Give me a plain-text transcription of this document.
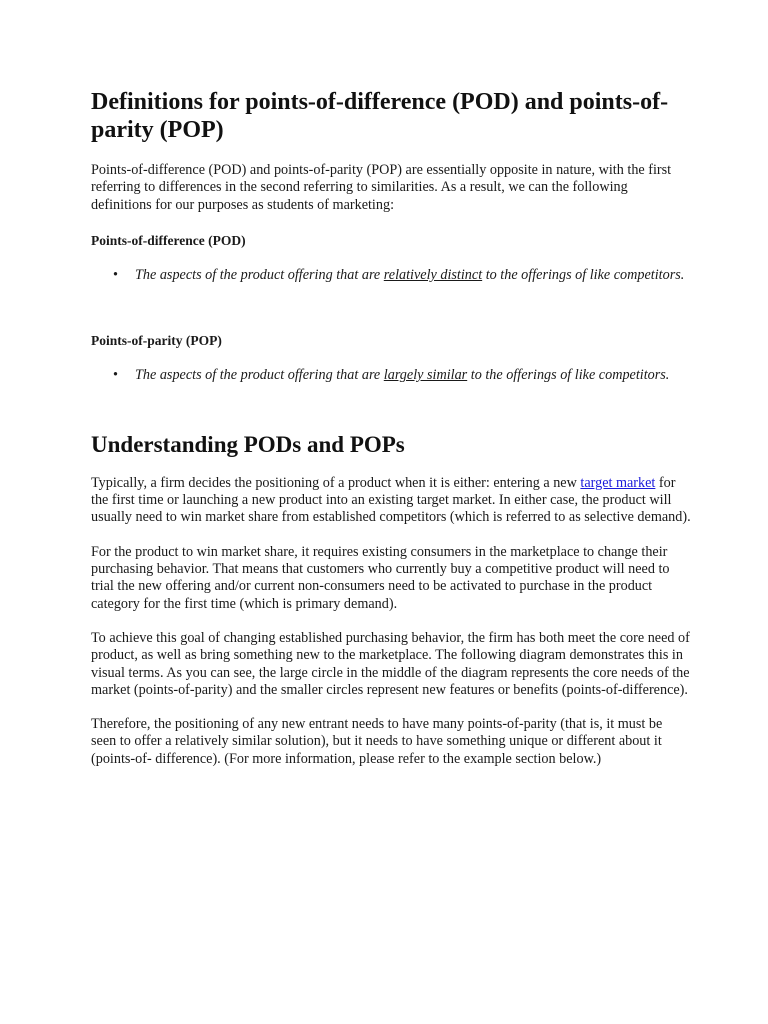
Definitions for points-of-difference (POD) and points-of-parity (POP)

Points-of-difference (POD) and points-of-parity (POP) are essentially opposite in nature, with the first referring to differences in the second referring to similarities. As a result, we can the following definitions for our purposes as students of marketing:

Points-of-difference (POD)

•	The aspects of the product offering that are relatively distinct to the offerings of like competitors.

Points-of-parity (POP)

•	The aspects of the product offering that are largely similar to the offerings of like competitors.
Understanding PODs and POPs

Typically, a firm decides the positioning of a product when it is either: entering a new target market for the first time or launching a new product into an existing target market. In either case, the product will usually need to win market share from established competitors (which is referred to as selective demand).

For the product to win market share, it requires existing consumers in the marketplace to change their purchasing behavior. That means that customers who currently buy a competitive product will need to trial the new offering and/or current non-consumers need to be activated to purchase in the product category for the first time (which is primary demand).

To achieve this goal of changing established purchasing behavior, the firm has both meet the core need of product, as well as bring something new to the marketplace. The following diagram demonstrates this in visual terms. As you can see, the large circle in the middle of the diagram represents the core needs of the market (points-of-parity) and the smaller circles represent new features or benefits (points-of-difference).

Therefore, the positioning of any new entrant needs to have many points-of-parity (that is, it must be seen to offer a relatively similar solution), but it needs to have something unique or different about it (points-of- difference). (For more information, please refer to the example section below.)
